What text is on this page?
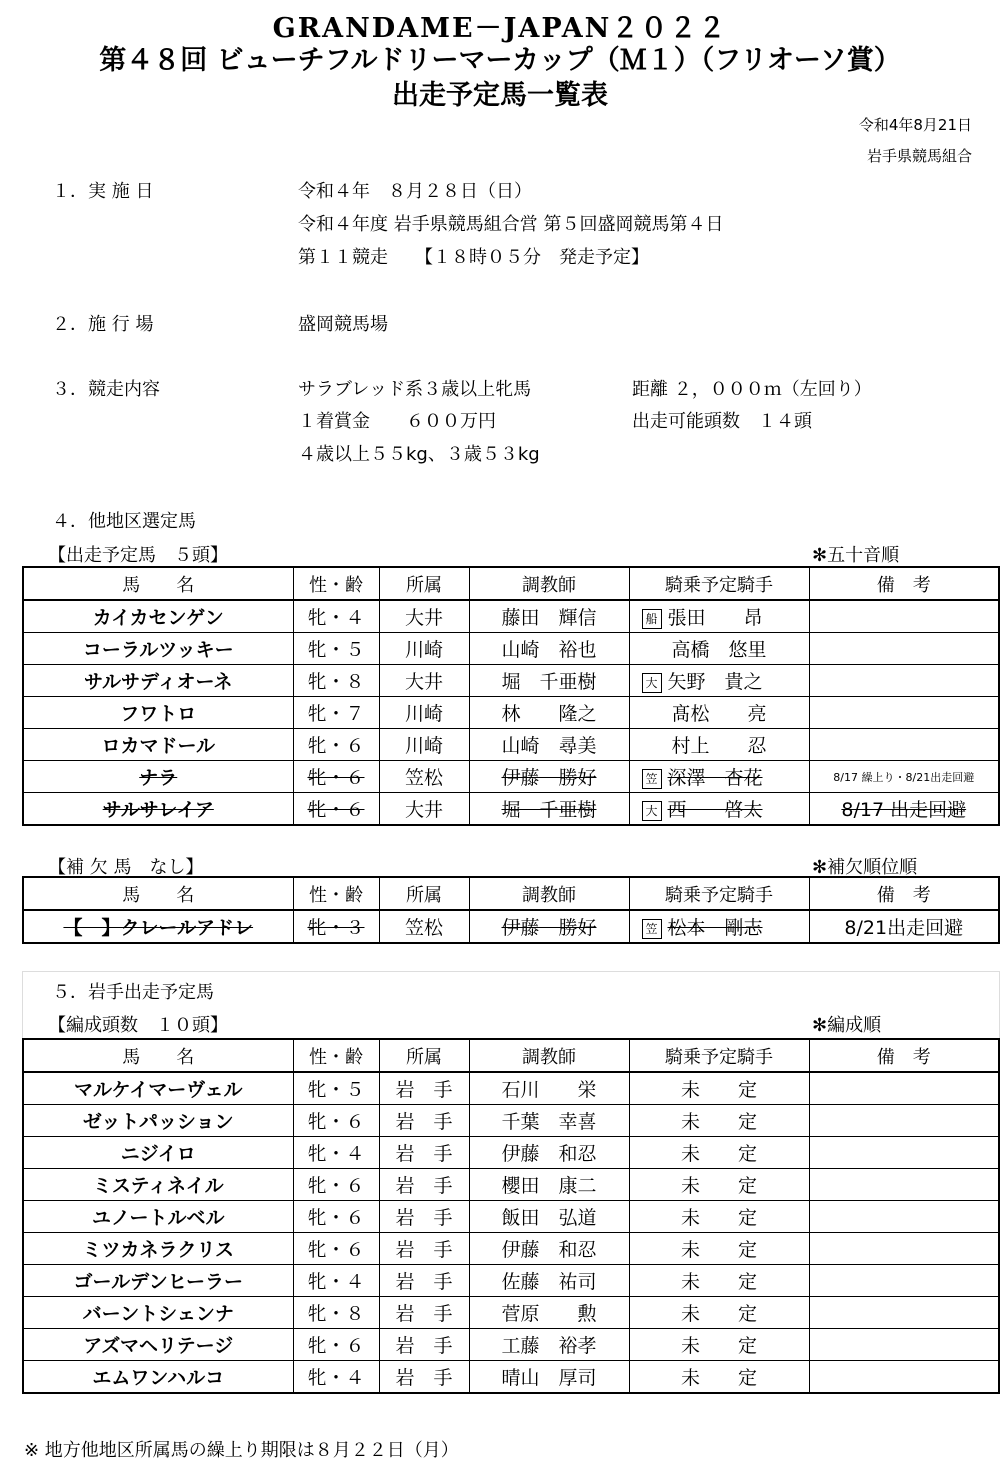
GRANDAME－JAPAN２０２２
第４８回 ビューチフルドリーマーカップ（Ｍ１）（フリオーソ賞）
出走予定馬一覧表
令和4年8月21日
岩手県競馬組合
１．実 施 日	令和４年　８月２８日（日）
令和４年度 岩手県競馬組合営 第５回盛岡競馬第４日
第１１競走　　【１８時０５分　発走予定】
２．施 行 場	盛岡競馬場
３．競走内容	サラブレッド系３歳以上牝馬	距離 ２，０００ｍ（左回り）
１着賞金　　６００万円	出走可能頭数　１４頭
４歳以上５５kg、３歳５３kg
４．他地区選定馬
【出走予定馬　５頭】	✻五十音順
馬　　名	性・齢	所属	調教師	騎乗予定騎手	備　考
カイカセンゲン	牝・４	大井	藤田　輝信	船 張田　　昂	
コーラルツッキー	牝・５	川崎	山崎　裕也	高橋　悠里	
サルサディオーネ	牝・８	大井	堀　千亜樹	大 矢野　貴之	
フワトロ	牝・７	川崎	林　　隆之	髙松　　亮	
ロカマドール	牝・６	川崎	山崎　尋美	村上　　忍	
ナラ	牝・６	笠松	伊藤　勝好	笠 深澤　杏花	8/17 繰上り・8/21出走回避
サルサレイア	牝・６	大井	堀　千亜樹	大 西　　啓太	8/17 出走回避
【補 欠 馬　なし】	✻補欠順位順
馬　　名	性・齢	所属	調教師	騎乗予定騎手	備　考
【　】クレールアドレ	牝・３	笠松	伊藤　勝好	笠 松本　剛志	8/21出走回避
５．岩手出走予定馬
【編成頭数　１０頭】	✻編成順
馬　　名	性・齢	所属	調教師	騎乗予定騎手	備　考
マルケイマーヴェル	牝・５	岩　手	石川　　栄	未　　定	
ゼットパッション	牝・６	岩　手	千葉　幸喜	未　　定	
ニジイロ	牝・４	岩　手	伊藤　和忍	未　　定	
ミスティネイル	牝・６	岩　手	櫻田　康二	未　　定	
ユノートルベル	牝・６	岩　手	飯田　弘道	未　　定	
ミツカネラクリス	牝・６	岩　手	伊藤　和忍	未　　定	
ゴールデンヒーラー	牝・４	岩　手	佐藤　祐司	未　　定	
バーントシェンナ	牝・８	岩　手	菅原　　勲	未　　定	
アズマヘリテージ	牝・６	岩　手	工藤　裕孝	未　　定	
エムワンハルコ	牝・４	岩　手	晴山　厚司	未　　定	
※ 地方他地区所属馬の繰上り期限は８月２２日（月）
